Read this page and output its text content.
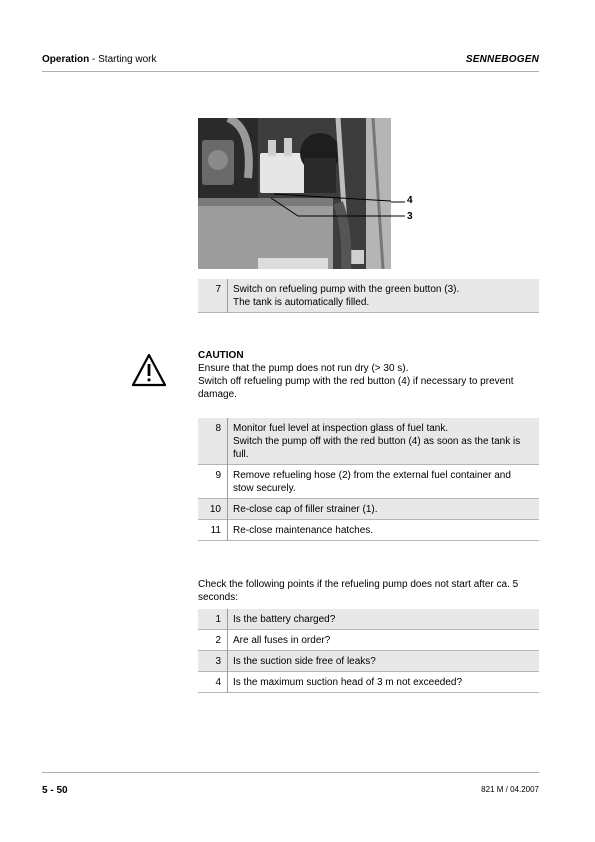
Operation - Starting work	SENNEBOGEN
4
3
7	Switch on refueling pump with the green button (3).
The tank is automatically filled.
CAUTION
Ensure that the pump does not run dry (> 30 s).
Switch off refueling pump with the red button (4) if necessary to prevent damage.
8	Monitor fuel level at inspection glass of fuel tank.
Switch the pump off with the red button (4) as soon as the tank is full.
9	Remove refueling hose (2) from the external fuel container and stow securely.
10	Re-close cap of filler strainer (1).
11	Re-close maintenance hatches.
Check the following points if the refueling pump does not start after ca. 5 seconds:
1	Is the battery charged?
2	Are all fuses in order?
3	Is the suction side free of leaks?
4	Is the maximum suction head of 3 m not exceeded?
5 - 50	821 M / 04.2007
